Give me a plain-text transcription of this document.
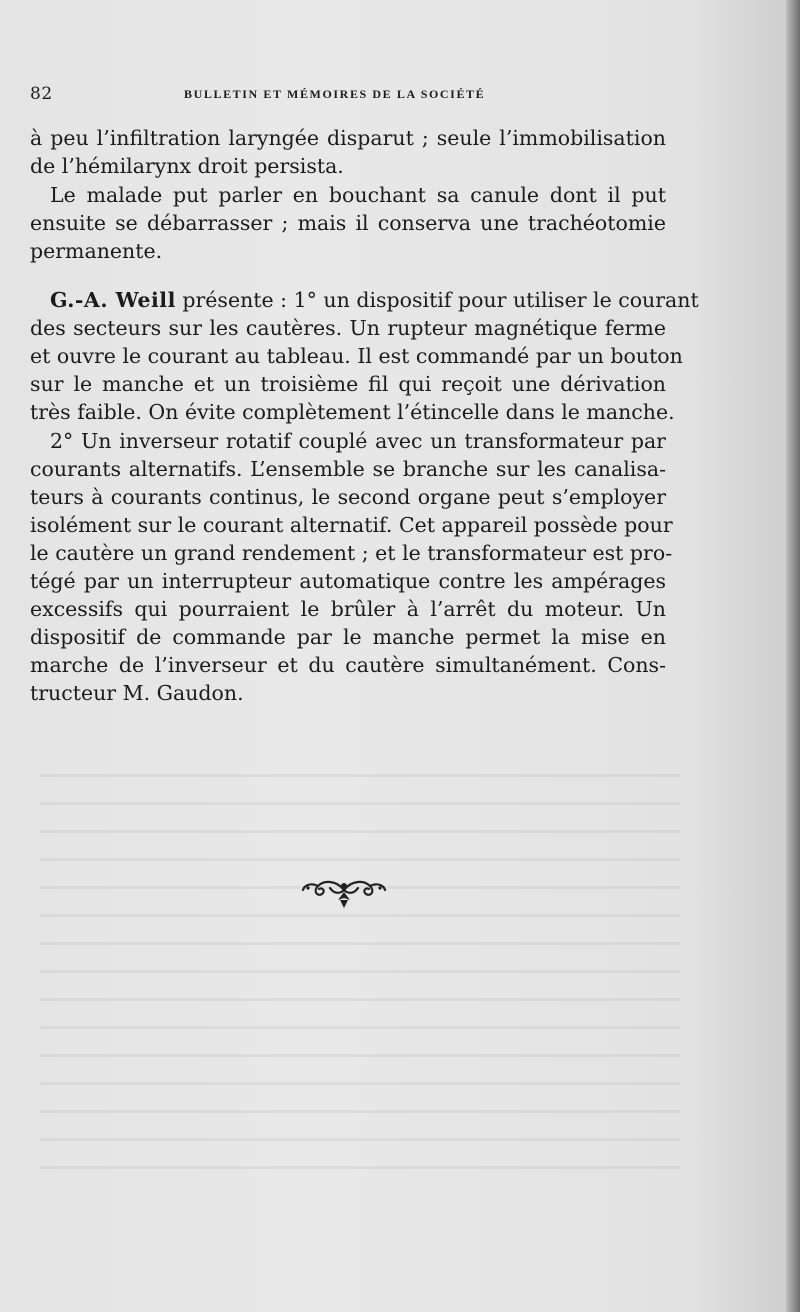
82	BULLETIN ET MÉMOIRES DE LA SOCIÉTÉ
à peu l’infiltration laryngée disparut ; seule l’immobilisation
de l’hémilarynx droit persista.
Le malade put parler en bouchant sa canule dont il put
ensuite se débarrasser ; mais il conserva une trachéotomie
permanente.
G.-A. Weill présente : 1° un dispositif pour utiliser le courant
des secteurs sur les cautères. Un rupteur magnétique ferme
et ouvre le courant au tableau. Il est commandé par un bouton
sur le manche et un troisième fil qui reçoit une dérivation
très faible. On évite complètement l’étincelle dans le manche.
2° Un inverseur rotatif couplé avec un transformateur par
courants alternatifs. L’ensemble se branche sur les canalisa-
teurs à courants continus, le second organe peut s’employer
isolément sur le courant alternatif. Cet appareil possède pour
le cautère un grand rendement ; et le transformateur est pro-
tégé par un interrupteur automatique contre les ampérages
excessifs qui pourraient le brûler à l’arrêt du moteur. Un
dispositif de commande par le manche permet la mise en
marche de l’inverseur et du cautère simultanément. Cons-
tructeur M. Gaudon.
